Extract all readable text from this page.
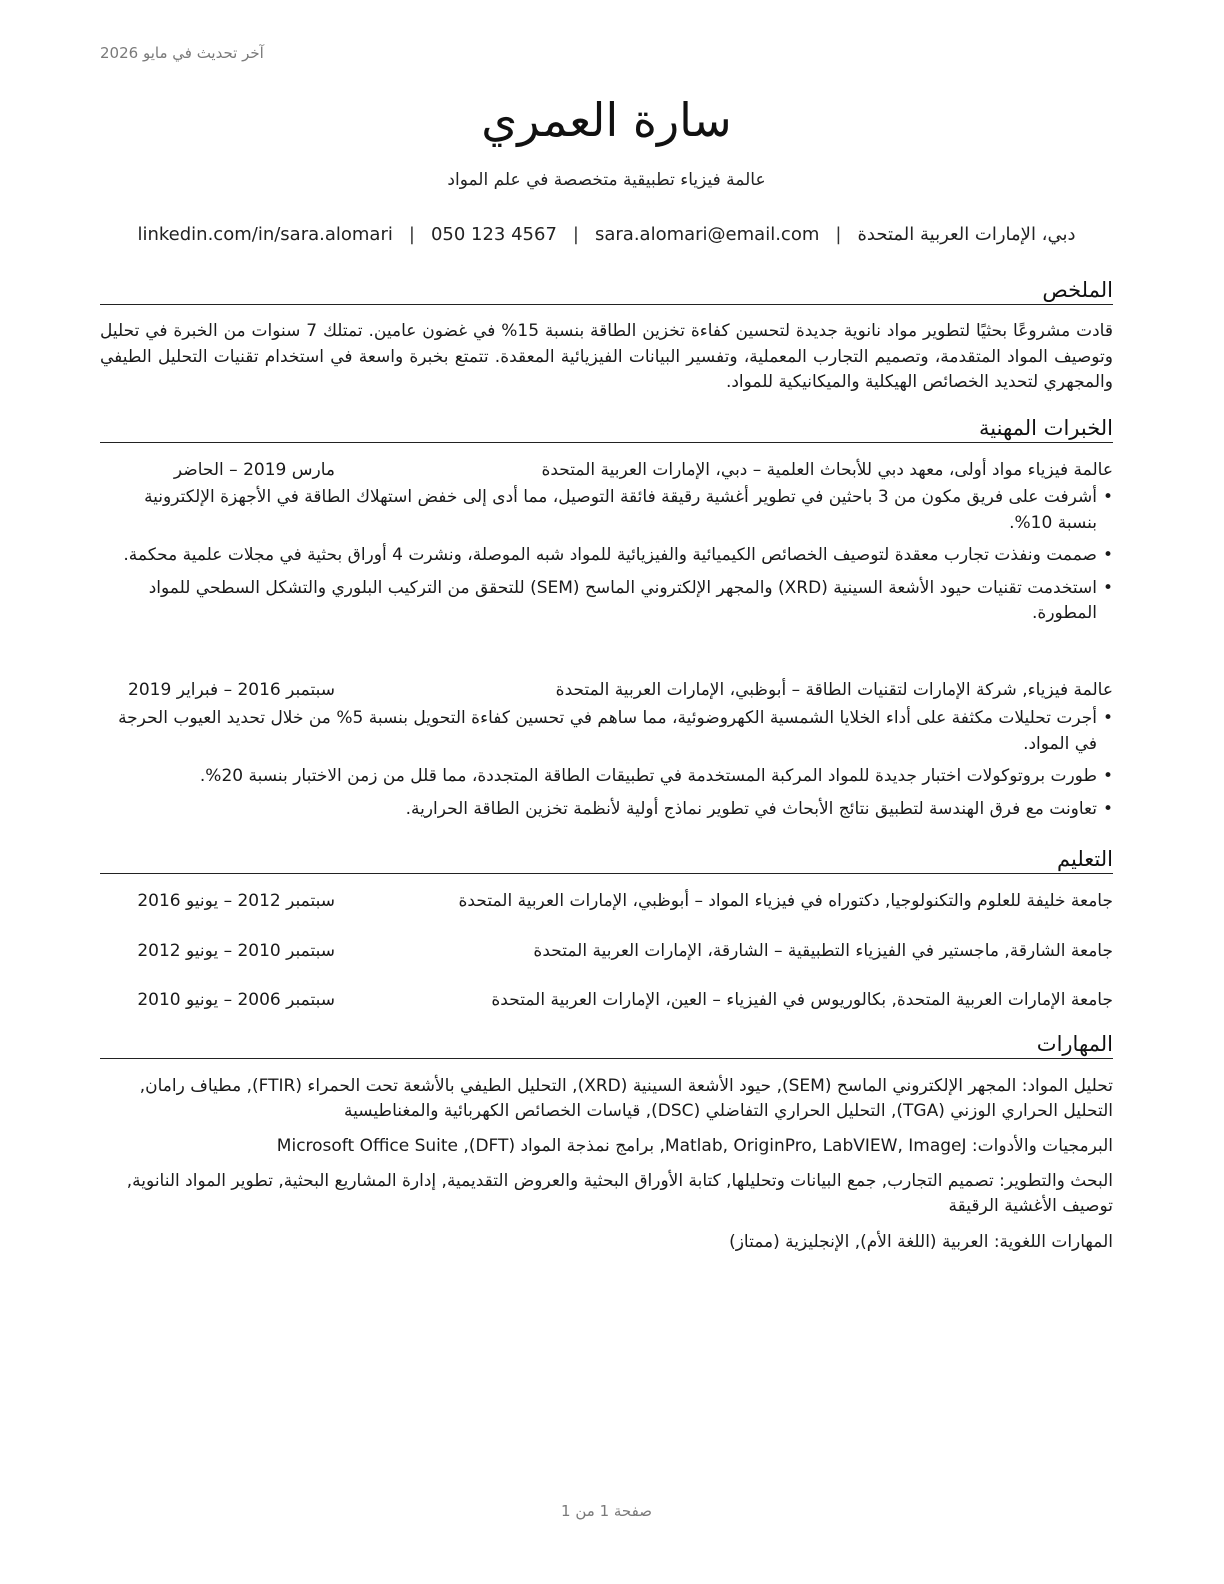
آخر تحديث في مايو 2026
سارة العمري
عالمة فيزياء تطبيقية متخصصة في علم المواد
دبي، الإمارات العربية المتحدة
|
sara.alomari@email.com
|
050 123 4567
|
linkedin.com/in/sara.alomari
الملخص
قادت مشروعًا بحثيًا لتطوير مواد نانوية جديدة لتحسين كفاءة تخزين الطاقة بنسبة 15% في غضون عامين. تمتلك 7 سنوات من الخبرة في تحليل وتوصيف المواد المتقدمة، وتصميم التجارب المعملية، وتفسير البيانات الفيزيائية المعقدة. تتمتع بخبرة واسعة في استخدام تقنيات التحليل الطيفي والمجهري لتحديد الخصائص الهيكلية والميكانيكية للمواد.
الخبرات المهنية
عالمة فيزياء مواد أولى، معهد دبي للأبحاث العلمية – دبي، الإمارات العربية المتحدة
مارس 2019 – الحاضر
• أشرفت على فريق مكون من 3 باحثين في تطوير أغشية رقيقة فائقة التوصيل، مما أدى إلى خفض استهلاك الطاقة في الأجهزة الإلكترونية بنسبة 10%.
• صممت ونفذت تجارب معقدة لتوصيف الخصائص الكيميائية والفيزيائية للمواد شبه الموصلة، ونشرت 4 أوراق بحثية في مجلات علمية محكمة.
• استخدمت تقنيات حيود الأشعة السينية (XRD) والمجهر الإلكتروني الماسح (SEM) للتحقق من التركيب البلوري والتشكل السطحي للمواد المطورة.
عالمة فيزياء, شركة الإمارات لتقنيات الطاقة – أبوظبي، الإمارات العربية المتحدة
سبتمبر 2016 – فبراير 2019
• أجرت تحليلات مكثفة على أداء الخلايا الشمسية الكهروضوئية، مما ساهم في تحسين كفاءة التحويل بنسبة 5% من خلال تحديد العيوب الحرجة في المواد.
• طورت بروتوكولات اختبار جديدة للمواد المركبة المستخدمة في تطبيقات الطاقة المتجددة، مما قلل من زمن الاختبار بنسبة 20%.
• تعاونت مع فرق الهندسة لتطبيق نتائج الأبحاث في تطوير نماذج أولية لأنظمة تخزين الطاقة الحرارية.
التعليم
جامعة خليفة للعلوم والتكنولوجيا, دكتوراه في فيزياء المواد – أبوظبي، الإمارات العربية المتحدة
سبتمبر 2012 – يونيو 2016
جامعة الشارقة, ماجستير في الفيزياء التطبيقية – الشارقة، الإمارات العربية المتحدة
سبتمبر 2010 – يونيو 2012
جامعة الإمارات العربية المتحدة, بكالوريوس في الفيزياء – العين، الإمارات العربية المتحدة
سبتمبر 2006 – يونيو 2010
المهارات
تحليل المواد: المجهر الإلكتروني الماسح (SEM), حيود الأشعة السينية (XRD), التحليل الطيفي بالأشعة تحت الحمراء (FTIR), مطياف رامان, التحليل الحراري الوزني (TGA), التحليل الحراري التفاضلي (DSC), قياسات الخصائص الكهربائية والمغناطيسية
البرمجيات والأدوات: Matlab, OriginPro, LabVIEW, ImageJ, برامج نمذجة المواد (DFT), Microsoft Office Suite
البحث والتطوير: تصميم التجارب, جمع البيانات وتحليلها, كتابة الأوراق البحثية والعروض التقديمية, إدارة المشاريع البحثية, تطوير المواد النانوية, توصيف الأغشية الرقيقة
المهارات اللغوية: العربية (اللغة الأم), الإنجليزية (ممتاز)
صفحة 1 من 1
